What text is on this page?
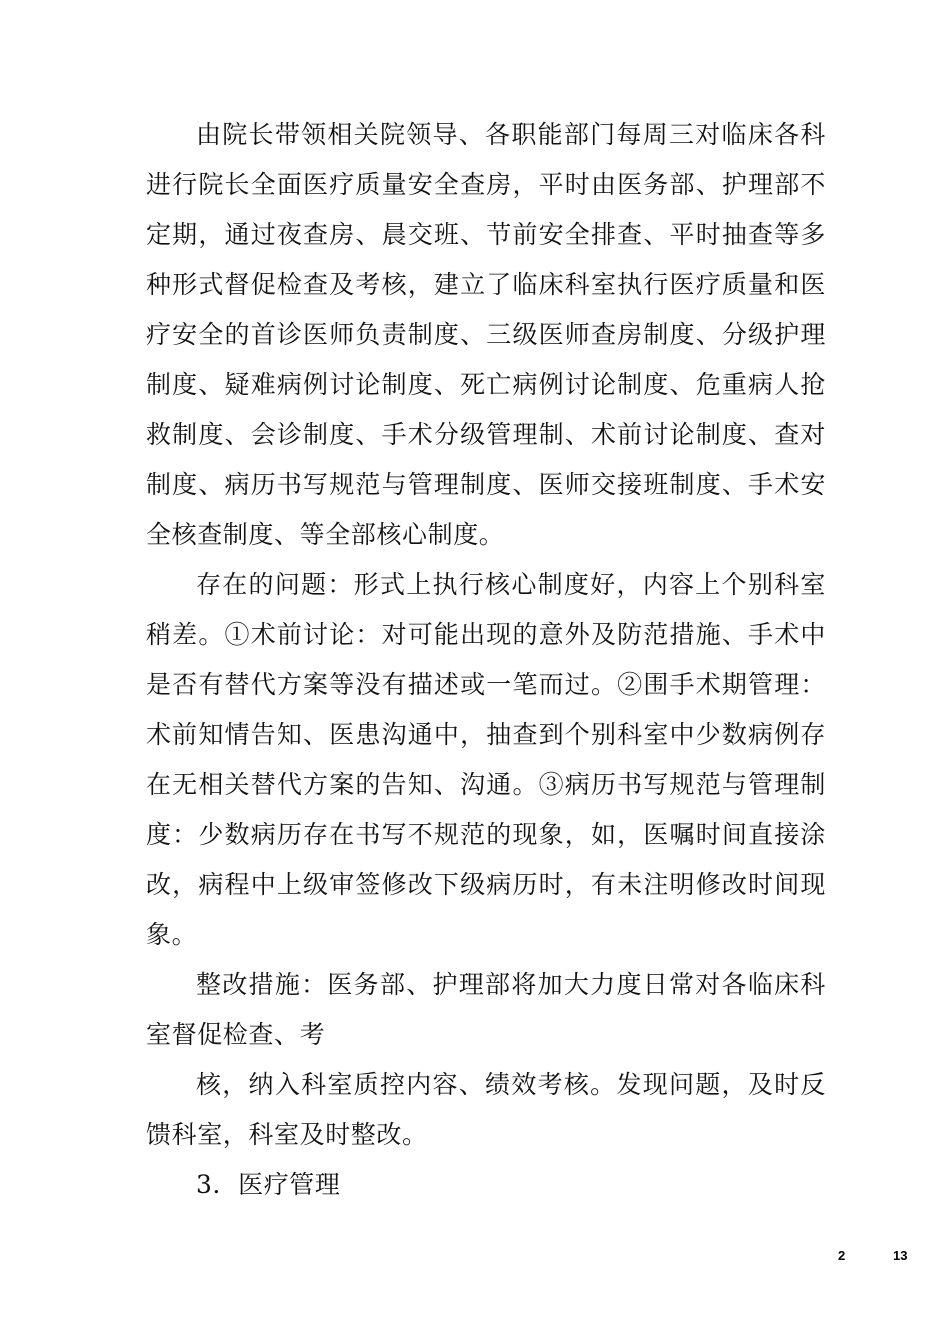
由院长带领相关院领导、各职能部门每周三对临床各科进行院长全面医疗质量安全查房，平时由医务部、护理部不定期，通过夜查房、晨交班、节前安全排查、平时抽查等多种形式督促检查及考核，建立了临床科室执行医疗质量和医疗安全的首诊医师负责制度、三级医师查房制度、分级护理制度、疑难病例讨论制度、死亡病例讨论制度、危重病人抢救制度、会诊制度、手术分级管理制、术前讨论制度、查对制度、病历书写规范与管理制度、医师交接班制度、手术安全核查制度、等全部核心制度。

存在的问题：形式上执行核心制度好，内容上个别科室稍差。①术前讨论：对可能出现的意外及防范措施、手术中是否有替代方案等没有描述或一笔而过。②围手术期管理：术前知情告知、医患沟通中，抽查到个别科室中少数病例存在无相关替代方案的告知、沟通。③病历书写规范与管理制度：少数病历存在书写不规范的现象，如，医嘱时间直接涂改，病程中上级审签修改下级病历时，有未注明修改时间现象。

整改措施：医务部、护理部将加大力度日常对各临床科室督促检查、考

核，纳入科室质控内容、绩效考核。发现问题，及时反馈科室，科室及时整改。

3．医疗管理

2	13
